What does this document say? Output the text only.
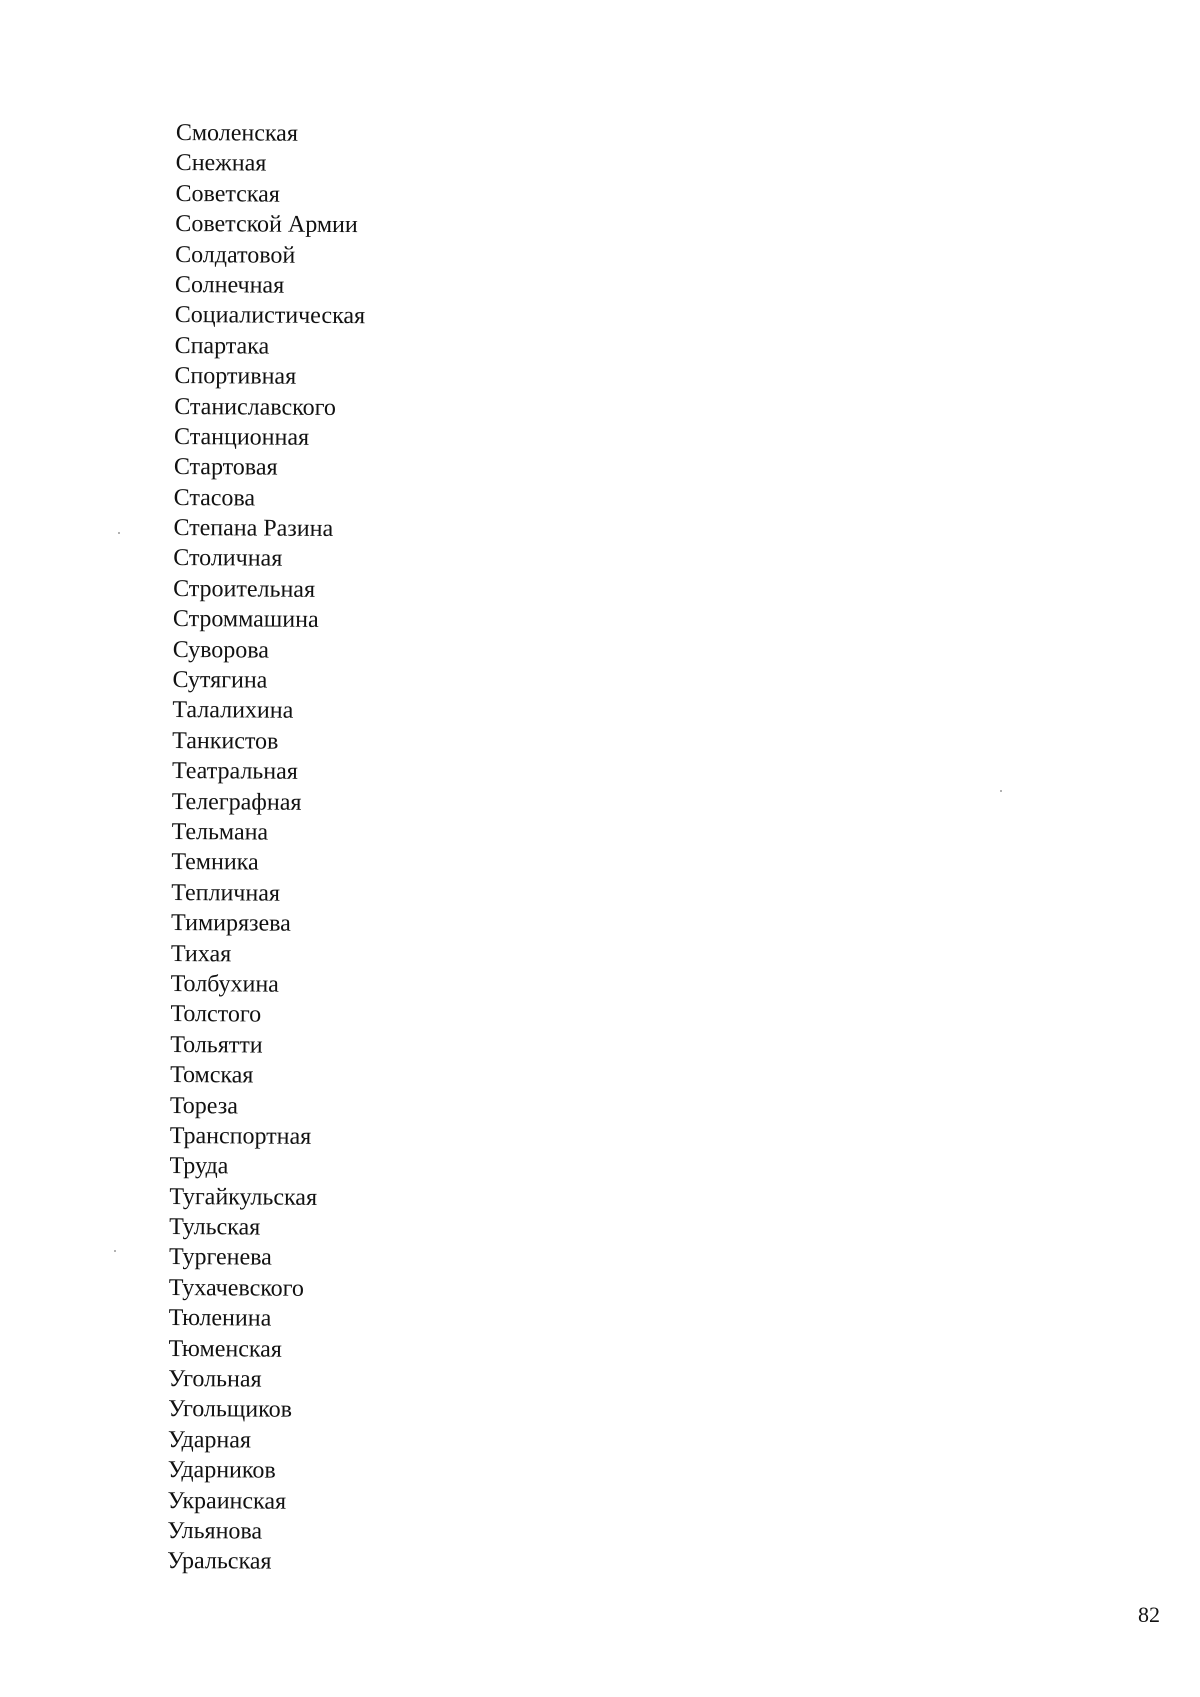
Смоленская
Снежная
Советская
Советской Армии
Солдатовой
Солнечная
Социалистическая
Спартака
Спортивная
Станиславского
Станционная
Стартовая
Стасова
Степана Разина
Столичная
Строительная
Строммашина
Суворова
Сутягина
Талалихина
Танкистов
Театральная
Телеграфная
Тельмана
Темника
Тепличная
Тимирязева
Тихая
Толбухина
Толстого
Тольятти
Томская
Тореза
Транспортная
Труда
Тугайкульская
Тульская
Тургенева
Тухачевского
Тюленина
Тюменская
Угольная
Угольщиков
Ударная
Ударников
Украинская
Ульянова
Уральская
82
